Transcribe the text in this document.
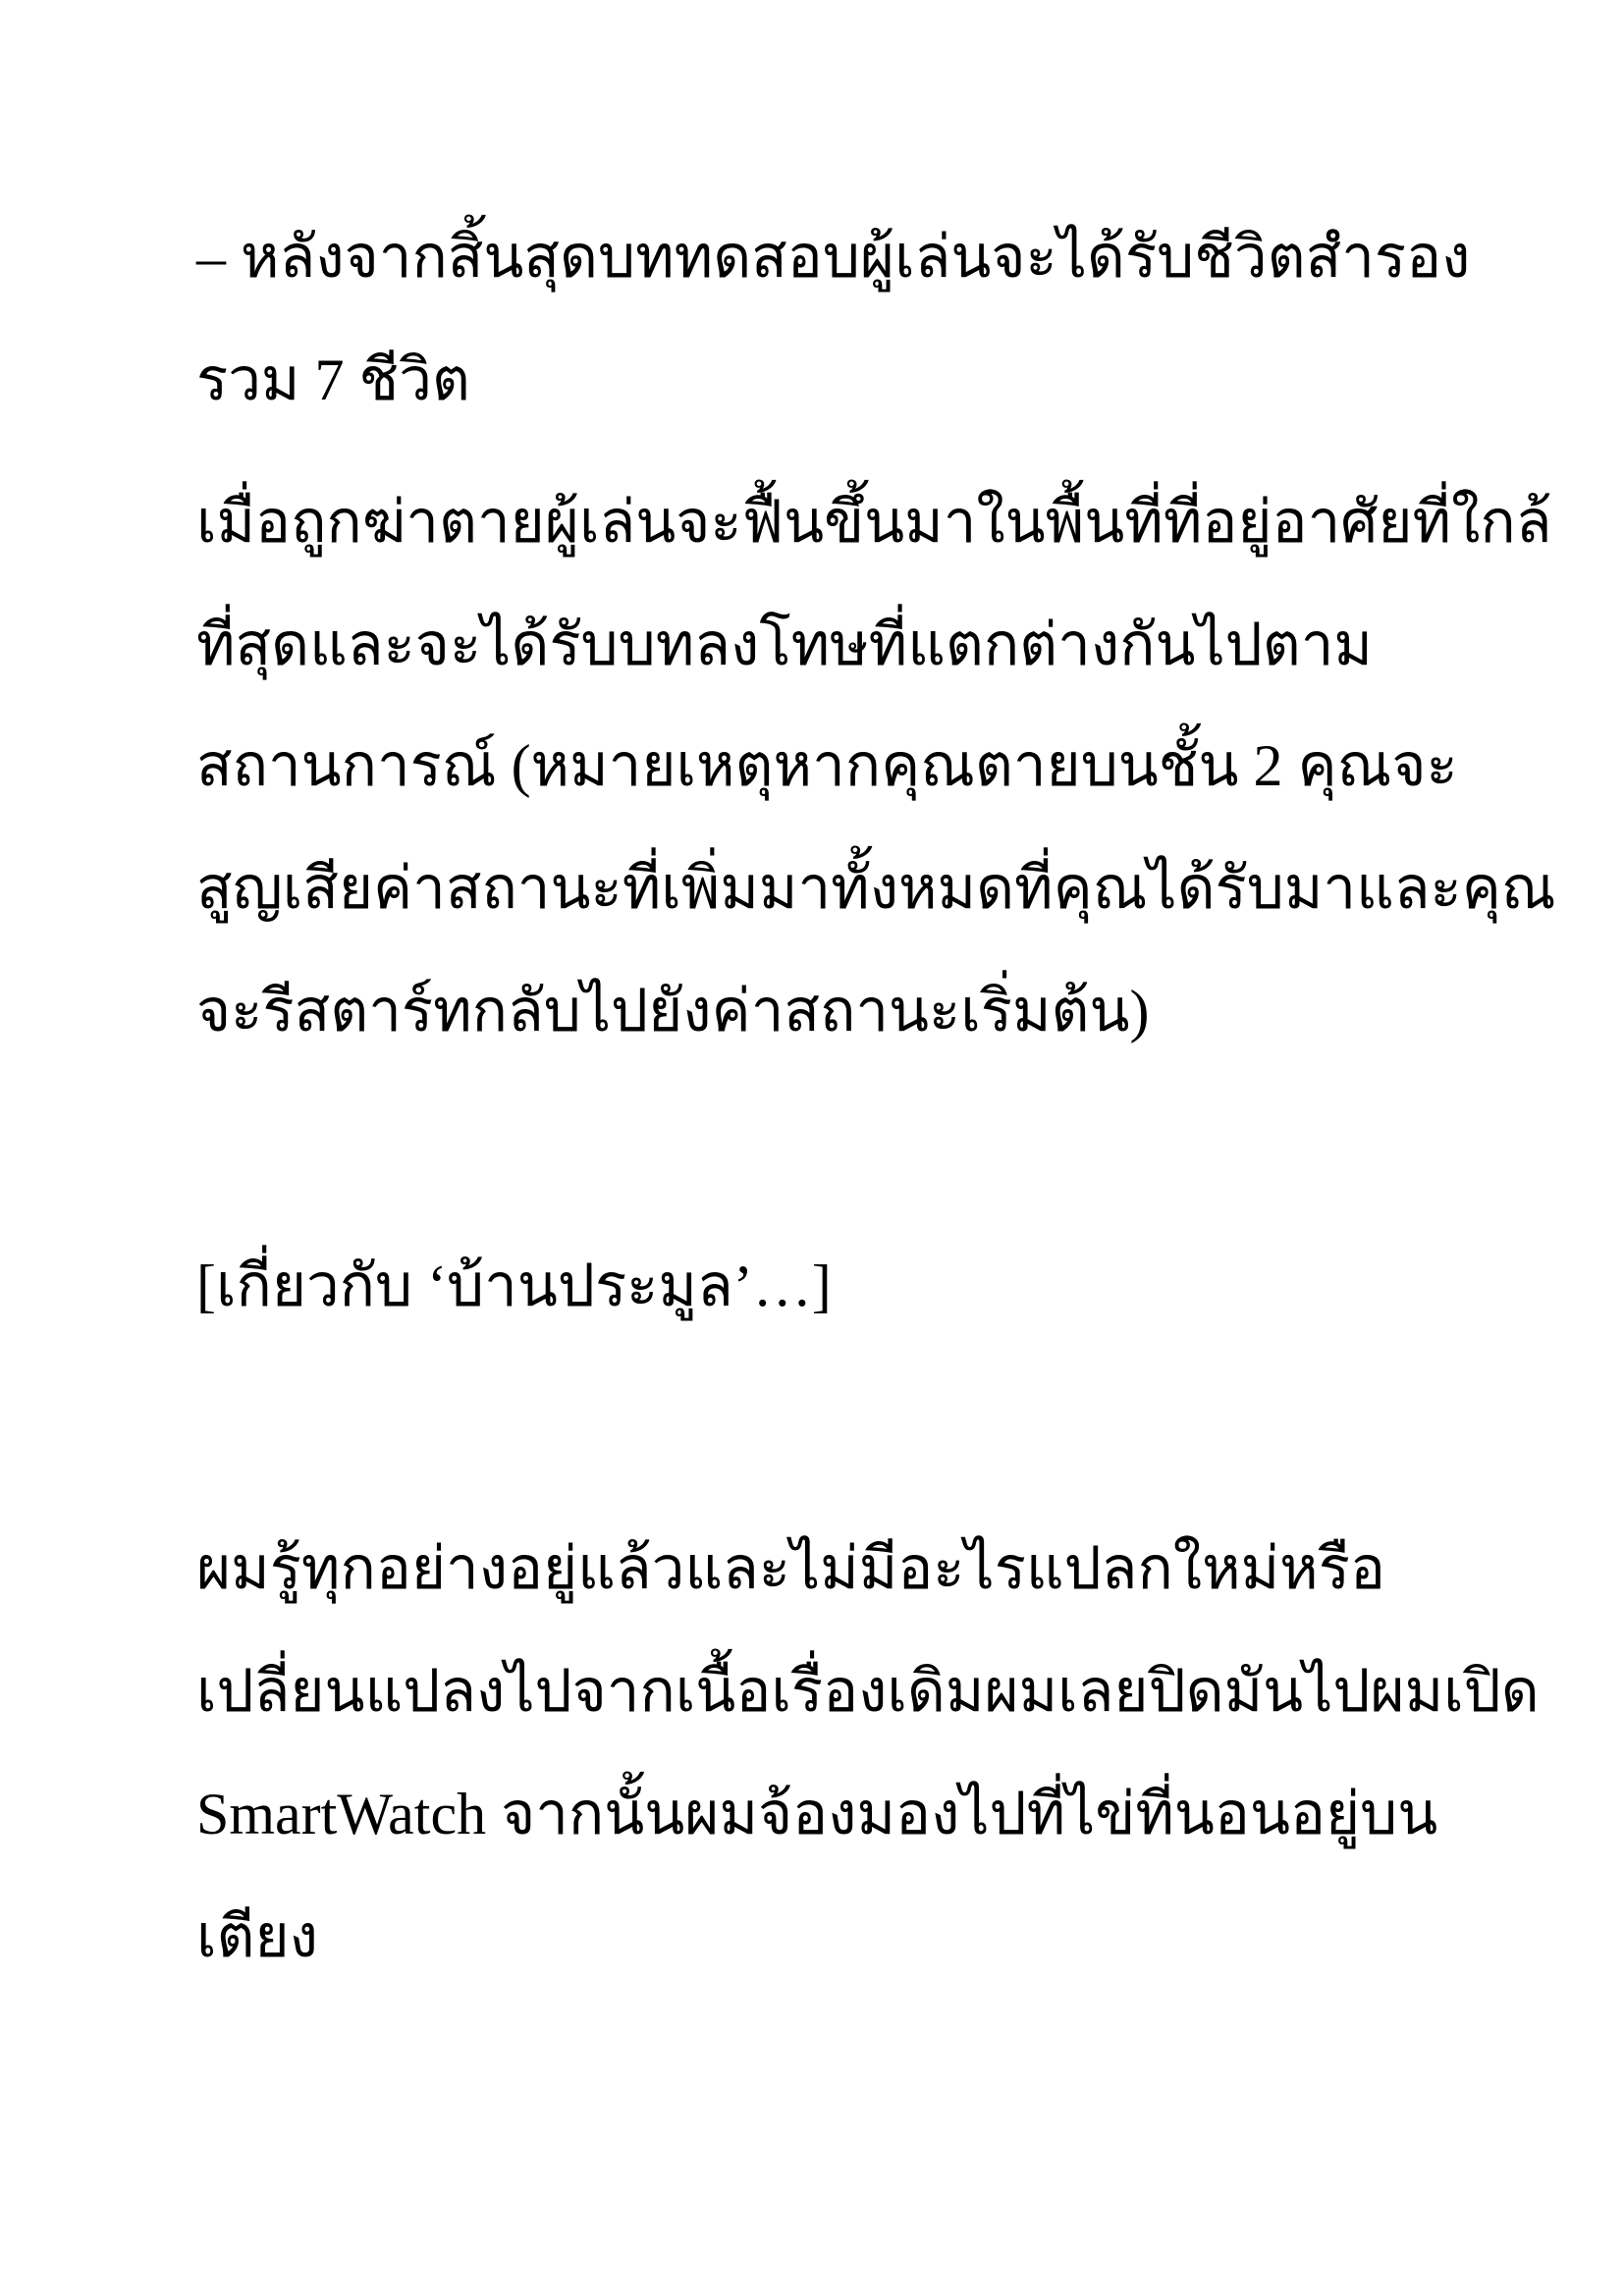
– หลังจากสิ้นสุดบททดสอบผู้เล่นจะได้รับชีวิตสำรอง
รวม 7 ชีวิต
เมื่อถูกฆ่าตายผู้เล่นจะฟื้นขึ้นมาในพื้นที่ที่อยู่อาศัยที่ใกล้
ที่สุดและจะได้รับบทลงโทษที่แตกต่างกันไปตาม
สถานการณ์ (หมายเหตุหากคุณตายบนชั้น 2 คุณจะ
สูญเสียค่าสถานะที่เพิ่มมาทั้งหมดที่คุณได้รับมาและคุณ
จะรีสตาร์ทกลับไปยังค่าสถานะเริ่มต้น)
[เกี่ยวกับ ‘บ้านประมูล’…]
ผมรู้ทุกอย่างอยู่แล้วและไม่มีอะไรแปลกใหม่หรือ
เปลี่ยนแปลงไปจากเนื้อเรื่องเดิมผมเลยปิดมันไปผมเปิด
SmartWatch จากนั้นผมจ้องมองไปที่ไข่ที่นอนอยู่บน
เตียง
